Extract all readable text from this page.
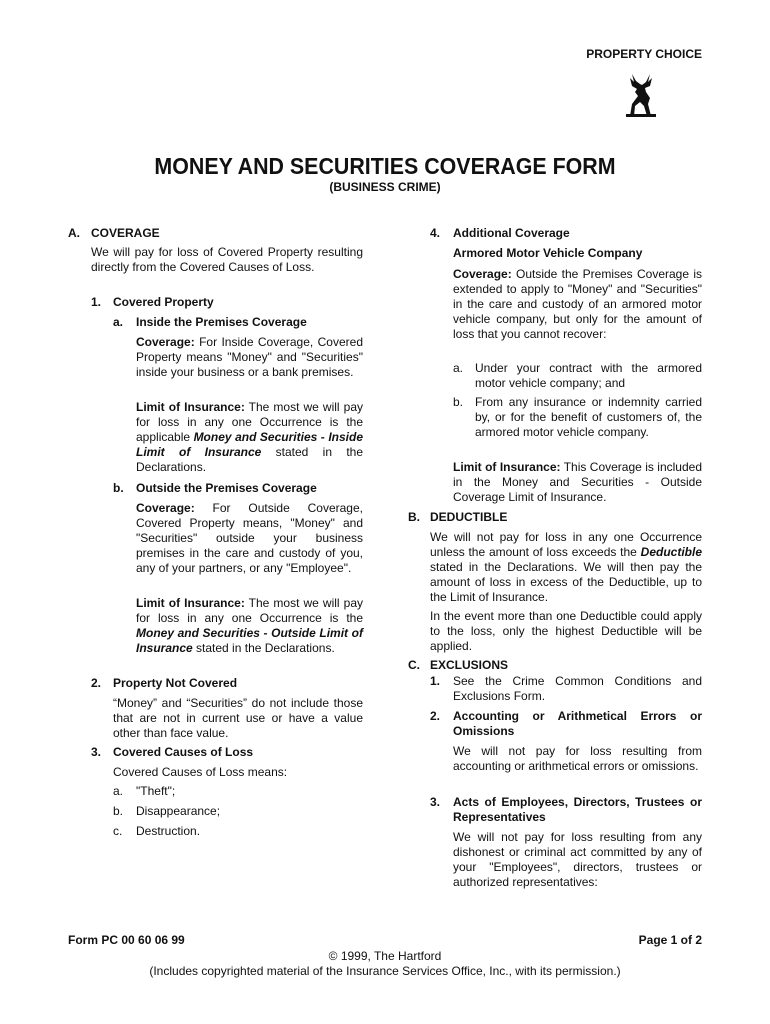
PROPERTY CHOICE
MONEY AND SECURITIES COVERAGE FORM
(BUSINESS CRIME)
A. COVERAGE
We will pay for loss of Covered Property resulting directly from the Covered Causes of Loss.
1. Covered Property
a. Inside the Premises Coverage
Coverage: For Inside Coverage, Covered Property means "Money" and "Securities" inside your business or a bank premises.
Limit of Insurance: The most we will pay for loss in any one Occurrence is the applicable Money and Securities - Inside Limit of Insurance stated in the Declarations.
b. Outside the Premises Coverage
Coverage: For Outside Coverage, Covered Property means, "Money" and "Securities" outside your business premises in the care and custody of you, any of your partners, or any "Employee".
Limit of Insurance: The most we will pay for loss in any one Occurrence is the Money and Securities - Outside Limit of Insurance stated in the Declarations.
2. Property Not Covered
“Money” and “Securities” do not include those that are not in current use or have a value other than face value.
3. Covered Causes of Loss
Covered Causes of Loss means:
a. "Theft";
b. Disappearance;
c. Destruction.
4. Additional Coverage
Armored Motor Vehicle Company
Coverage: Outside the Premises Coverage is extended to apply to "Money" and "Securities" in the care and custody of an armored motor vehicle company, but only for the amount of loss that you cannot recover:
a. Under your contract with the armored motor vehicle company; and
b. From any insurance or indemnity carried by, or for the benefit of customers of, the armored motor vehicle company.
Limit of Insurance: This Coverage is included in the Money and Securities - Outside Coverage Limit of Insurance.
B. DEDUCTIBLE
We will not pay for loss in any one Occurrence unless the amount of loss exceeds the Deductible stated in the Declarations. We will then pay the amount of loss in excess of the Deductible, up to the Limit of Insurance.
In the event more than one Deductible could apply to the loss, only the highest Deductible will be applied.
C. EXCLUSIONS
1. See the Crime Common Conditions and Exclusions Form.
2. Accounting or Arithmetical Errors or Omissions
We will not pay for loss resulting from accounting or arithmetical errors or omissions.
3. Acts of Employees, Directors, Trustees or Representatives
We will not pay for loss resulting from any dishonest or criminal act committed by any of your "Employees", directors, trustees or authorized representatives:
Form PC 00 60 06 99	Page 1 of 2
© 1999, The Hartford
(Includes copyrighted material of the Insurance Services Office, Inc., with its permission.)
